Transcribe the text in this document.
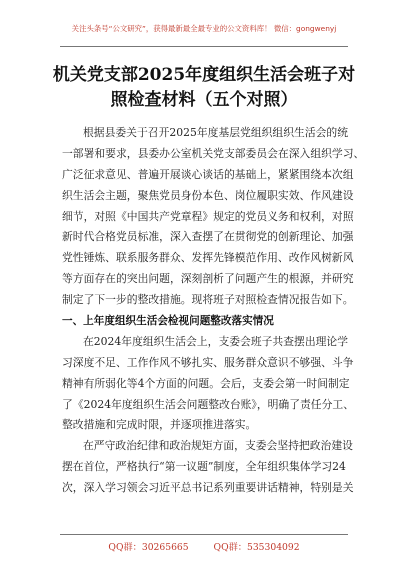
关注头条号“公文研究”，获得最新最全最专业的公文资料库！ 微信：gongwenyj
机关党支部2025年度组织生活会班子对
照检查材料（五个对照）
根据县委关于召开2025年度基层党组织组织生活会的统
一部署和要求，县委办公室机关党支部委员会在深入组织学习、
广泛征求意见、普遍开展谈心谈话的基础上，紧紧围绕本次组
织生活会主题，聚焦党员身份本色、岗位履职实效、作风建设
细节，对照《中国共产党章程》规定的党员义务和权利，对照
新时代合格党员标准，深入查摆了在贯彻党的创新理论、加强
党性锤炼、联系服务群众、发挥先锋模范作用、改作风树新风
等方面存在的突出问题，深刻剖析了问题产生的根源，并研究
制定了下一步的整改措施。现将班子对照检查情况报告如下。
一、上年度组织生活会检视问题整改落实情况
在2024年度组织生活会上，支委会班子共查摆出理论学
习深度不足、工作作风不够扎实、服务群众意识不够强、斗争
精神有所弱化等4个方面的问题。会后，支委会第一时间制定
了《2024年度组织生活会问题整改台账》，明确了责任分工、
整改措施和完成时限，并逐项推进落实。
在严守政治纪律和政治规矩方面，支委会坚持把政治建设
摆在首位，严格执行“第一议题”制度，全年组织集体学习24
次，深入学习领会习近平总书记系列重要讲话精神，特别是关
QQ群：30265665	QQ群：535304092
